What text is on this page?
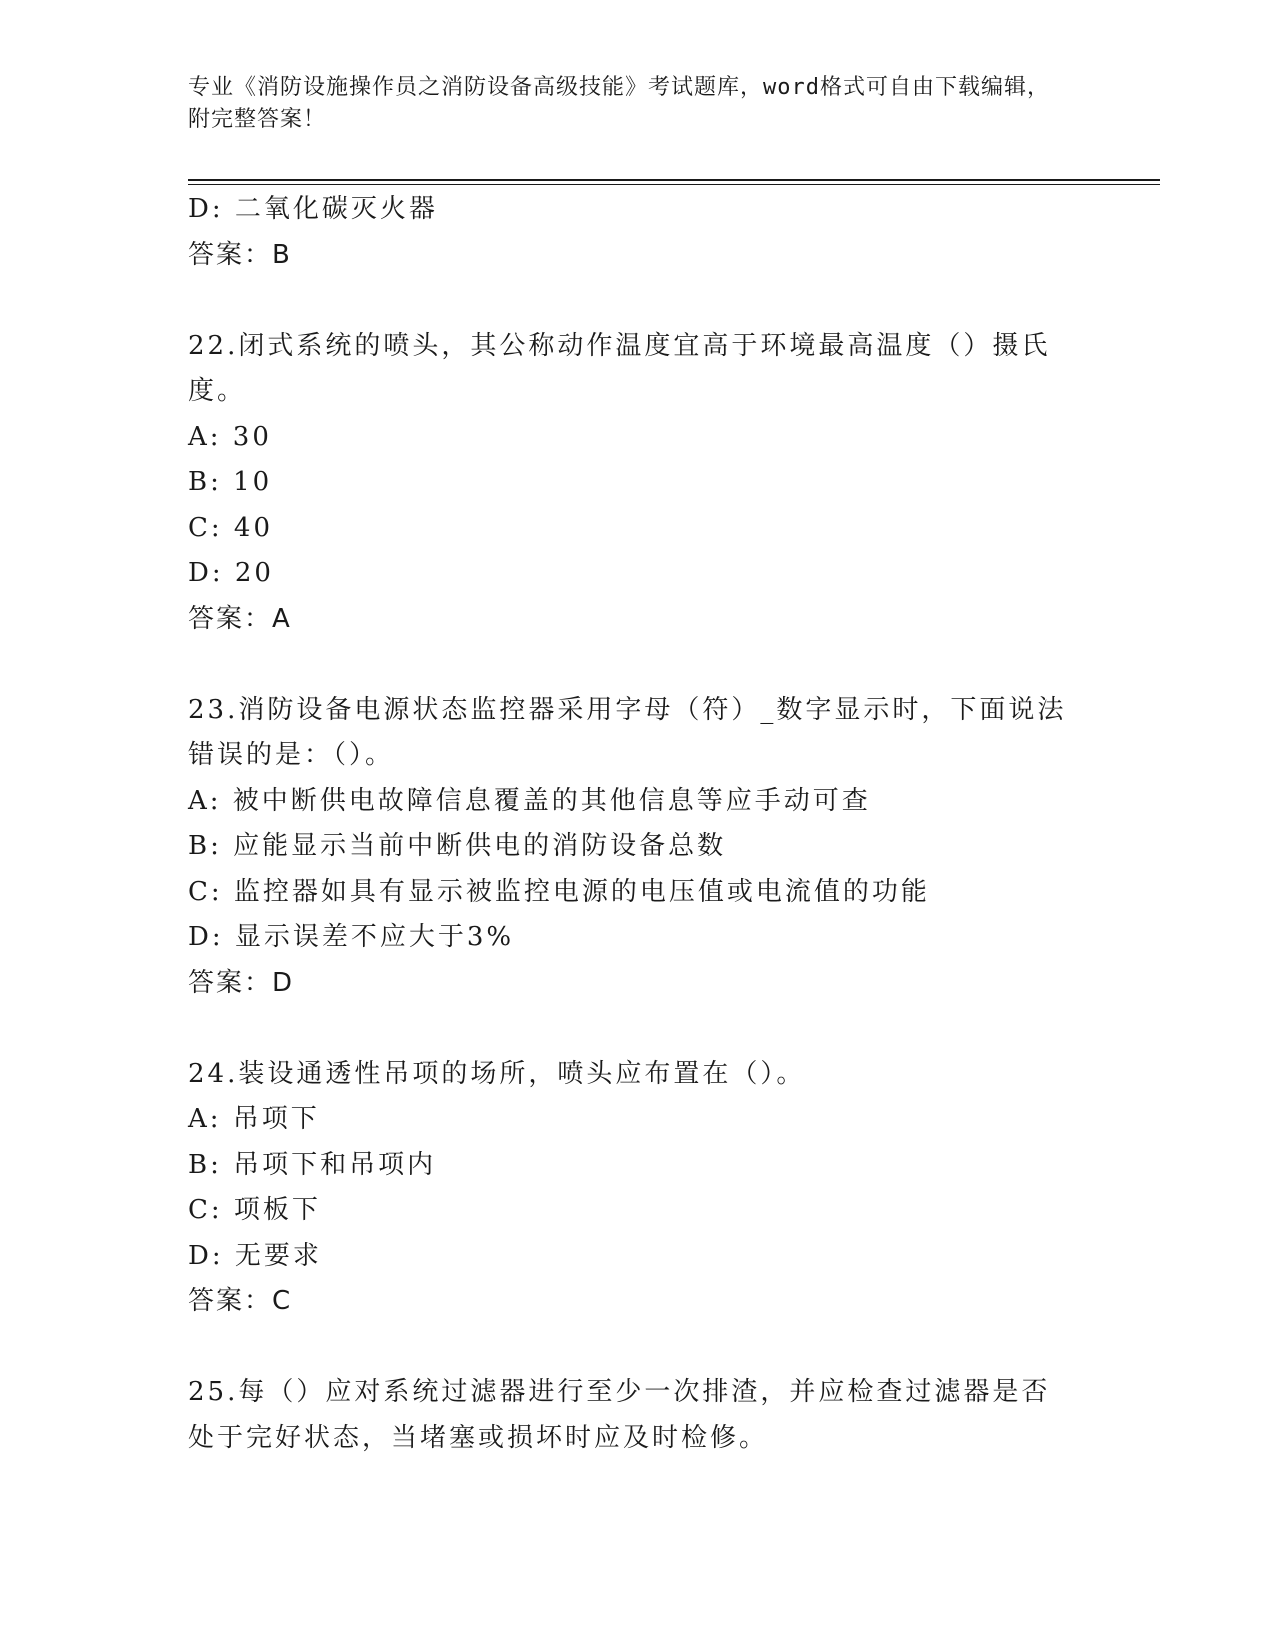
专业《消防设施操作员之消防设备高级技能》考试题库，word格式可自由下载编辑，附完整答案！
D: 二氧化碳灭火器
答案：B
22.闭式系统的喷头，其公称动作温度宜高于环境最高温度（）摄氏度。
A: 30
B: 10
C: 40
D: 20
答案：A
23.消防设备电源状态监控器采用字母（符）_数字显示时，下面说法错误的是：（）。
A: 被中断供电故障信息覆盖的其他信息等应手动可查
B: 应能显示当前中断供电的消防设备总数
C: 监控器如具有显示被监控电源的电压值或电流值的功能
D: 显示误差不应大于3%
答案：D
24.装设通透性吊项的场所，喷头应布置在（）。
A: 吊项下
B: 吊项下和吊项内
C: 项板下
D: 无要求
答案：C
25.每（）应对系统过滤器进行至少一次排渣，并应检查过滤器是否处于完好状态，当堵塞或损坏时应及时检修。
